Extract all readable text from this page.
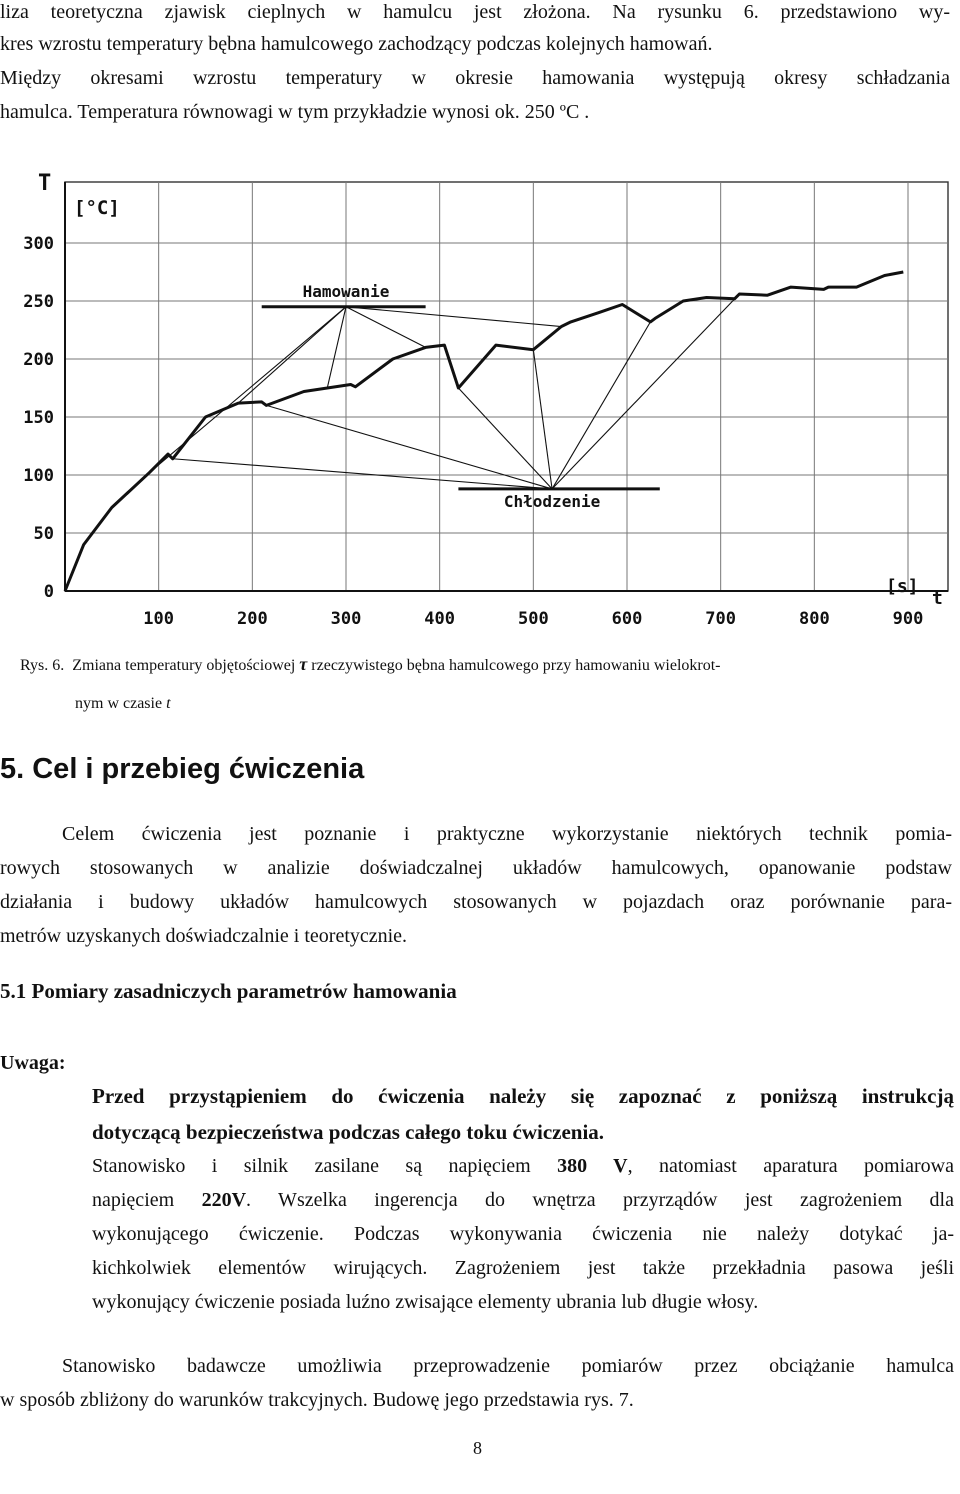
liza teoretyczna zjawisk cieplnych w hamulcu jest złożona. Na rysunku 6. przedstawiono wy-
kres wzrostu temperatury bębna hamulcowego zachodzący podczas kolejnych hamowań.
Między okresami wzrostu temperatury w okresie hamowania występują okresy schładzania
hamulca. Temperatura równowagi w tym przykładzie wynosi ok. 250 ºC .
100	200	300	400	500	600	700	800	900
0
50
100
150
200
250
300
Hamowanie
Chłodzenie
T
[°C]
[s]
t
Rys. 6. Zmiana temperatury objętościowej τ rzeczywistego bębna hamulcowego przy hamowaniu wielokrot-
nym w czasie t
5. Cel i przebieg ćwiczenia
Celem ćwiczenia jest poznanie i praktyczne wykorzystanie niektórych technik pomia-
rowych stosowanych w analizie doświadczalnej układów hamulcowych, opanowanie podstaw
działania i budowy układów hamulcowych stosowanych w pojazdach oraz porównanie para-
metrów uzyskanych doświadczalnie i teoretycznie.
5.1 Pomiary zasadniczych parametrów hamowania
Uwaga:
Przed przystąpieniem do ćwiczenia należy się zapoznać z poniższą instrukcją
dotyczącą bezpieczeństwa podczas całego toku ćwiczenia.
Stanowisko i silnik zasilane są napięciem 380 V, natomiast aparatura pomiarowa
napięciem 220V. Wszelka ingerencja do wnętrza przyrządów jest zagrożeniem dla
wykonującego ćwiczenie. Podczas wykonywania ćwiczenia nie należy dotykać ja-
kichkolwiek elementów wirujących. Zagrożeniem jest także przekładnia pasowa jeśli
wykonujący ćwiczenie posiada luźno zwisające elementy ubrania lub długie włosy.
Stanowisko badawcze umożliwia przeprowadzenie pomiarów przez obciążanie hamulca
w sposób zbliżony do warunków trakcyjnych. Budowę jego przedstawia rys. 7.
8
